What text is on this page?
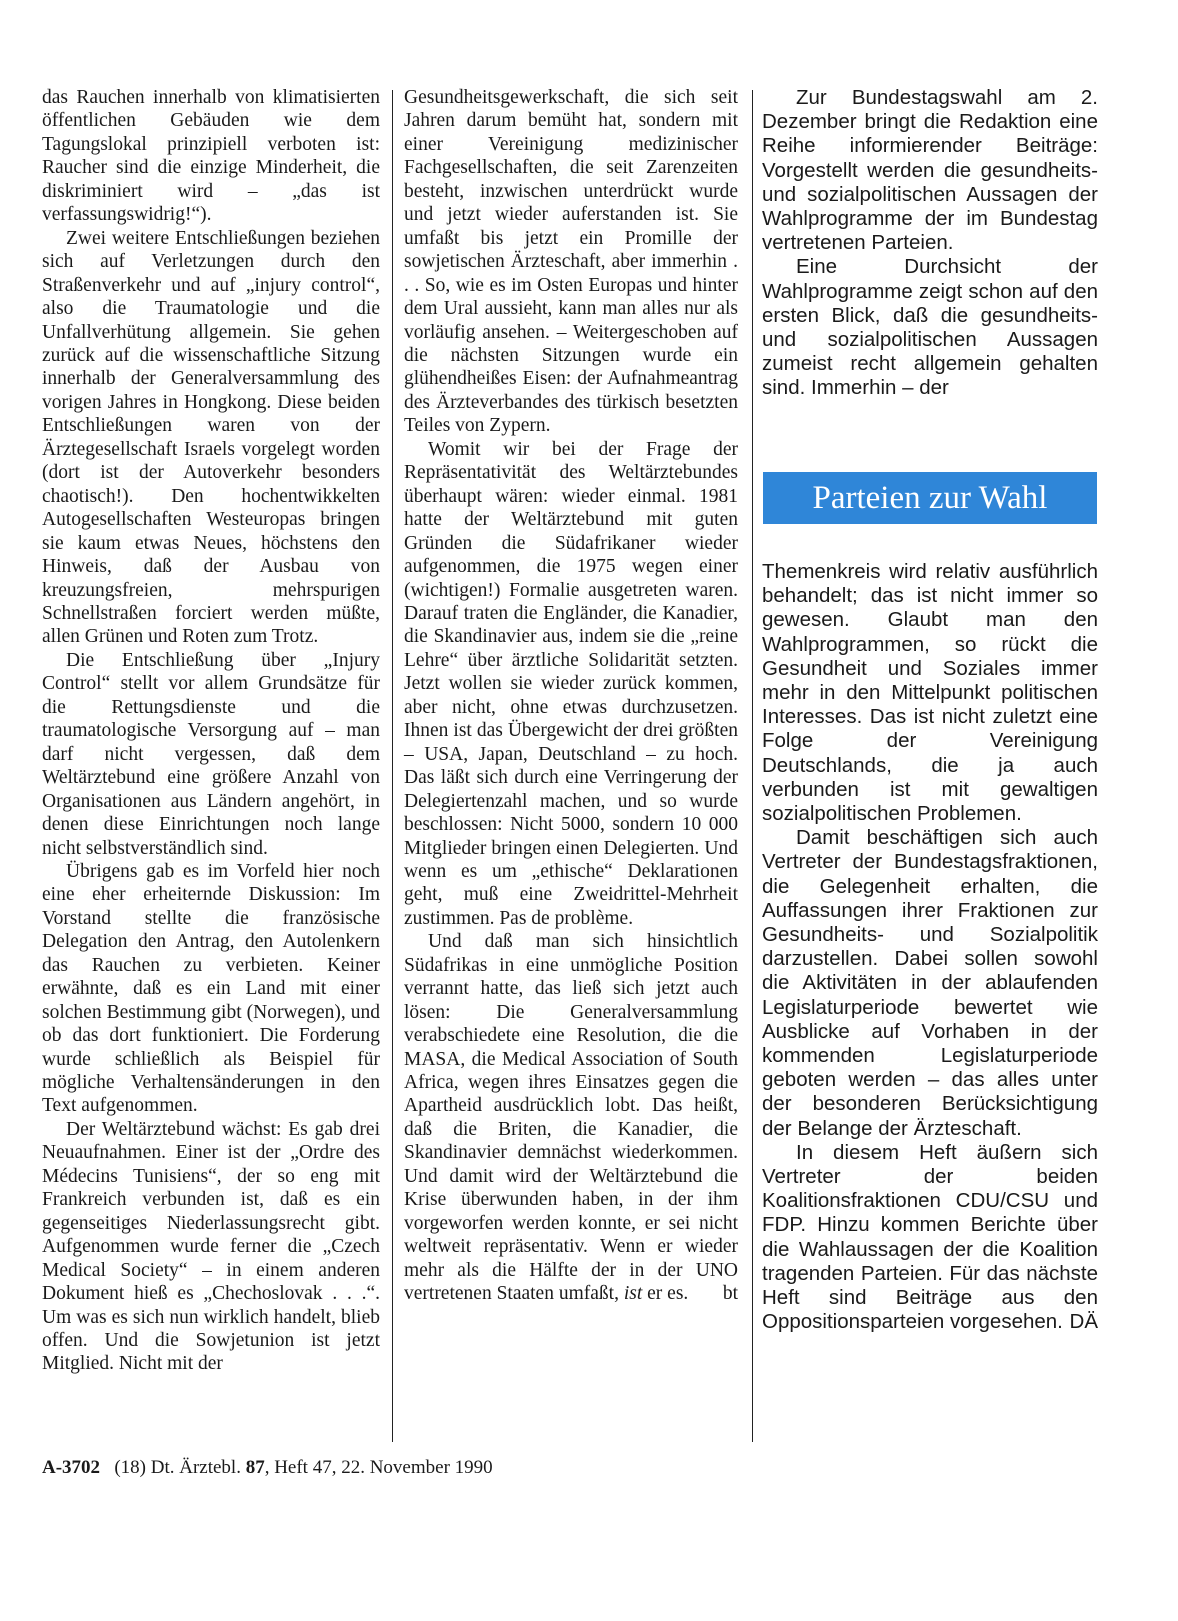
das Rauchen innerhalb von klimatisierten öffentlichen Gebäuden wie dem Tagungslokal prinzipiell verboten ist: Raucher sind die einzige Minderheit, die diskriminiert wird – „das ist verfassungswidrig!“).

Zwei weitere Entschließungen beziehen sich auf Verletzungen durch den Straßenverkehr und auf „injury control“, also die Traumatologie und die Unfallverhütung allgemein. Sie gehen zurück auf die wissenschaftliche Sitzung innerhalb der Generalversammlung des vorigen Jahres in Hongkong. Diese beiden Entschließungen waren von der Ärztegesellschaft Israels vorgelegt worden (dort ist der Autoverkehr besonders chaotisch!). Den hochentwikkelten Autogesellschaften Westeuropas bringen sie kaum etwas Neues, höchstens den Hinweis, daß der Ausbau von kreuzungsfreien, mehrspurigen Schnellstraßen forciert werden müßte, allen Grünen und Roten zum Trotz.

Die Entschließung über „Injury Control“ stellt vor allem Grundsätze für die Rettungsdienste und die traumatologische Versorgung auf – man darf nicht vergessen, daß dem Weltärztebund eine größere Anzahl von Organisationen aus Ländern angehört, in denen diese Einrichtungen noch lange nicht selbstverständlich sind.

Übrigens gab es im Vorfeld hier noch eine eher erheiternde Diskussion: Im Vorstand stellte die französische Delegation den Antrag, den Autolenkern das Rauchen zu verbieten. Keiner erwähnte, daß es ein Land mit einer solchen Bestimmung gibt (Norwegen), und ob das dort funktioniert. Die Forderung wurde schließlich als Beispiel für mögliche Verhaltensänderungen in den Text aufgenommen.

Der Weltärztebund wächst: Es gab drei Neuaufnahmen. Einer ist der „Ordre des Médecins Tunisiens“, der so eng mit Frankreich verbunden ist, daß es ein gegenseitiges Niederlassungsrecht gibt. Aufgenommen wurde ferner die „Czech Medical Society“ – in einem anderen Dokument hieß es „Chechoslovak . . .“. Um was es sich nun wirklich handelt, blieb offen. Und die Sowjetunion ist jetzt Mitglied. Nicht mit der

Gesundheitsgewerkschaft, die sich seit Jahren darum bemüht hat, sondern mit einer Vereinigung medizinischer Fachgesellschaften, die seit Zarenzeiten besteht, inzwischen unterdrückt wurde und jetzt wieder auferstanden ist. Sie umfaßt bis jetzt ein Promille der sowjetischen Ärzteschaft, aber immerhin . . . So, wie es im Osten Europas und hinter dem Ural aussieht, kann man alles nur als vorläufig ansehen. – Weitergeschoben auf die nächsten Sitzungen wurde ein glühendheißes Eisen: der Aufnahmeantrag des Ärzteverbandes des türkisch besetzten Teiles von Zypern.

Womit wir bei der Frage der Repräsentativität des Weltärztebundes überhaupt wären: wieder einmal. 1981 hatte der Weltärztebund mit guten Gründen die Südafrikaner wieder aufgenommen, die 1975 wegen einer (wichtigen!) Formalie ausgetreten waren. Darauf traten die Engländer, die Kanadier, die Skandinavier aus, indem sie die „reine Lehre“ über ärztliche Solidarität setzten. Jetzt wollen sie wieder zurück kommen, aber nicht, ohne etwas durchzusetzen. Ihnen ist das Übergewicht der drei größten – USA, Japan, Deutschland – zu hoch. Das läßt sich durch eine Verringerung der Delegiertenzahl machen, und so wurde beschlossen: Nicht 5000, sondern 10 000 Mitglieder bringen einen Delegierten. Und wenn es um „ethische“ Deklarationen geht, muß eine Zweidrittel-Mehrheit zustimmen. Pas de problème.

Und daß man sich hinsichtlich Südafrikas in eine unmögliche Position verrannt hatte, das ließ sich jetzt auch lösen: Die Generalversammlung verabschiedete eine Resolution, die die MASA, die Medical Association of South Africa, wegen ihres Einsatzes gegen die Apartheid ausdrücklich lobt. Das heißt, daß die Briten, die Kanadier, die Skandinavier demnächst wiederkommen. Und damit wird der Weltärztebund die Krise überwunden haben, in der ihm vorgeworfen werden konnte, er sei nicht weltweit repräsentativ. Wenn er wieder mehr als die Hälfte der in der UNO vertretenen Staaten umfaßt, ist er es. bt

Zur Bundestagswahl am 2. Dezember bringt die Redaktion eine Reihe informierender Beiträge: Vorgestellt werden die gesundheits- und sozialpolitischen Aussagen der Wahlprogramme der im Bundestag vertretenen Parteien.

Eine Durchsicht der Wahlprogramme zeigt schon auf den ersten Blick, daß die gesundheits- und sozialpolitischen Aussagen zumeist recht allgemein gehalten sind. Immerhin – der

Parteien zur Wahl

Themenkreis wird relativ ausführlich behandelt; das ist nicht immer so gewesen. Glaubt man den Wahlprogrammen, so rückt die Gesundheit und Soziales immer mehr in den Mittelpunkt politischen Interesses. Das ist nicht zuletzt eine Folge der Vereinigung Deutschlands, die ja auch verbunden ist mit gewaltigen sozialpolitischen Problemen.

Damit beschäftigen sich auch Vertreter der Bundestagsfraktionen, die Gelegenheit erhalten, die Auffassungen ihrer Fraktionen zur Gesundheits- und Sozialpolitik darzustellen. Dabei sollen sowohl die Aktivitäten in der ablaufenden Legislaturperiode bewertet wie Ausblicke auf Vorhaben in der kommenden Legislaturperiode geboten werden – das alles unter der besonderen Berücksichtigung der Belange der Ärzteschaft.

In diesem Heft äußern sich Vertreter der beiden Koalitionsfraktionen CDU/CSU und FDP. Hinzu kommen Berichte über die Wahlaussagen der die Koalition tragenden Parteien. Für das nächste Heft sind Beiträge aus den Oppositionsparteien vorgesehen. DÄ

A-3702 (18) Dt. Ärztebl. 87, Heft 47, 22. November 1990
